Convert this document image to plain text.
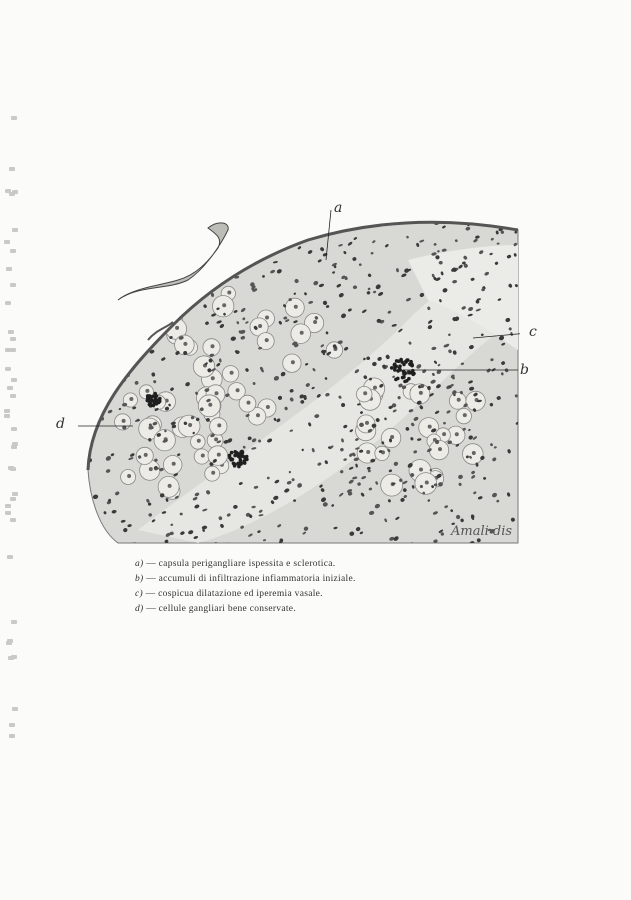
a
c
b
d
Amali dis
a) — capsula perigangliare ispessita e sclerotica.
b) — accumuli di infiltrazione infiammatoria iniziale.
c) — cospicua dilatazione ed iperemia vasale.
d) — cellule gangliari bene conservate.
